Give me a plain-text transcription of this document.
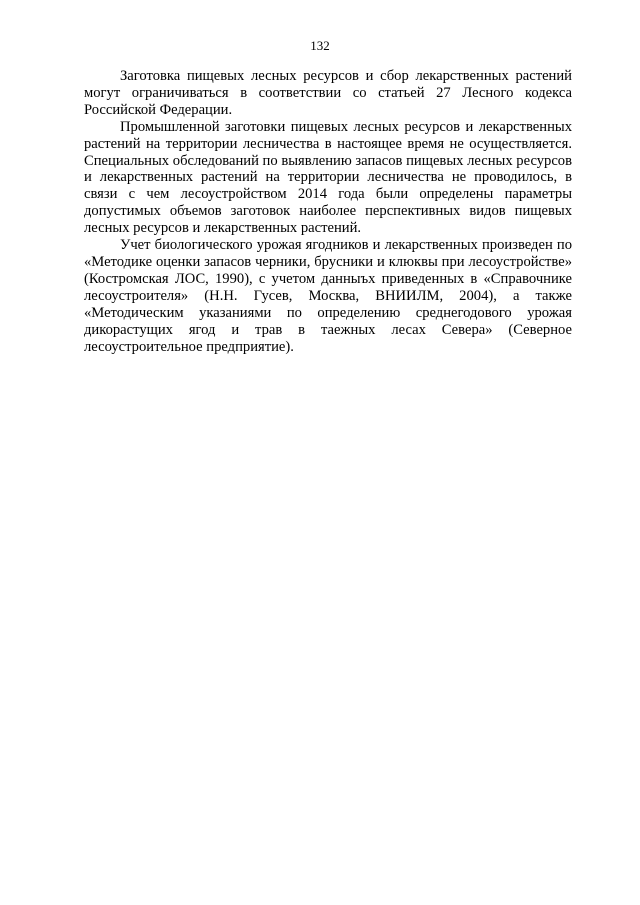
132

Заготовка пищевых лесных ресурсов и сбор лекарственных растений могут ограничиваться в соответствии со статьей 27 Лесного кодекса Российской Федерации.

Промышленной заготовки пищевых лесных ресурсов и лекарственных растений на территории лесничества в настоящее время не осуществляется. Специальных обследований по выявлению запасов пищевых лесных ресурсов и лекарственных растений на территории лесничества не проводилось, в связи с чем лесоустройством 2014 года были определены параметры допустимых объемов заготовок наиболее перспективных видов пищевых лесных ресурсов и лекарственных растений.

Учет биологического урожая ягодников и лекарственных произведен по «Методике оценки запасов черники, брусники и клюквы при лесоустройстве» (Костромская ЛОС, 1990), с учетом данныъх приведенных в «Справочнике лесоустроителя» (Н.Н. Гусев, Москва, ВНИИЛМ, 2004), а также «Методическим указаниями по определению среднегодового урожая дикорастущих ягод и трав в таежных лесах Севера» (Северное лесоустроительное предприятие).
